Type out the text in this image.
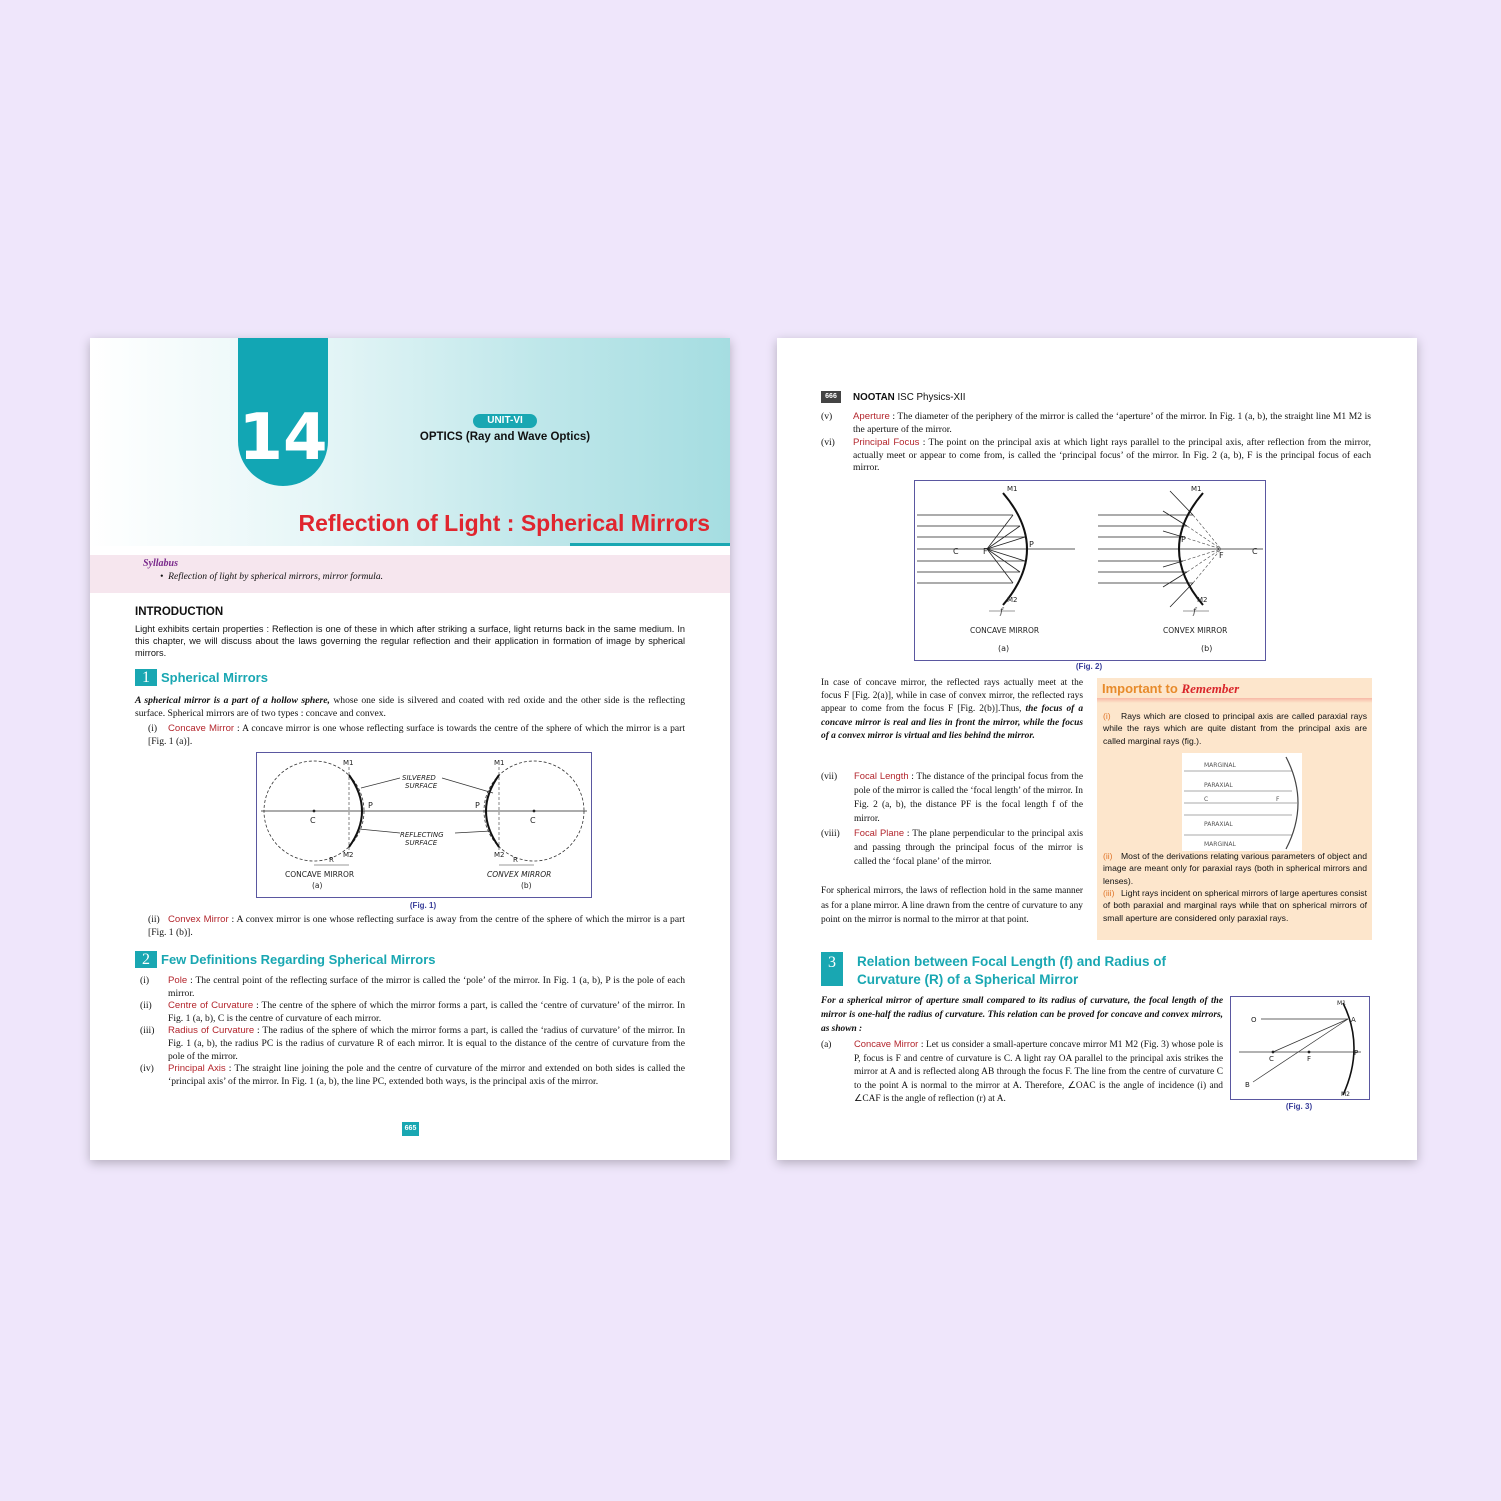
14	UNIT-VI
OPTICS (Ray and Wave Optics)
Reflection of Light : Spherical Mirrors
Syllabus
•  Reflection of light by spherical mirrors, mirror formula.
INTRODUCTION
Light exhibits certain properties : Reflection is one of these in which after striking a surface, light returns back in the same medium. In this chapter, we will discuss about the laws governing the regular reflection and their application in formation of image by spherical mirrors.
1 Spherical Mirrors
A spherical mirror is a part of a hollow sphere, whose one side is silvered and coated with red oxide and the other side is the reflecting surface. Spherical mirrors are of two types : concave and convex.
(i) Concave Mirror : A concave mirror is one whose reflecting surface is towards the centre of the sphere of which the mirror is a part [Fig. 1 (a)].
M1
M2
M1
M2
C	C
P	P
SILVERED
SURFACE
REFLECTING
SURFACE
R	R
CONCAVE MIRROR	CONVEX MIRROR
(a)	(b)
(Fig. 1)
(ii) Convex Mirror : A convex mirror is one whose reflecting surface is away from the centre of the sphere of which the mirror is a part [Fig. 1 (b)].
2 Few Definitions Regarding Spherical Mirrors
(i) Pole : The central point of the reflecting surface of the mirror is called the ‘pole’ of the mirror. In Fig. 1 (a, b), P is the pole of each mirror.
(ii) Centre of Curvature : The centre of the sphere of which the mirror forms a part, is called the ‘centre of curvature’ of the mirror. In Fig. 1 (a, b), C is the centre of curvature of each mirror.
(iii) Radius of Curvature : The radius of the sphere of which the mirror forms a part, is called the ‘radius of curvature’ of the mirror. In Fig. 1 (a, b), the radius PC is the radius of curvature R of each mirror. It is equal to the distance of the centre of curvature from the pole of the mirror.
(iv) Principal Axis : The straight line joining the pole and the centre of curvature of the mirror and extended on both sides is called the ‘principal axis’ of the mirror. In Fig. 1 (a, b), the line PC, extended both ways, is the principal axis of the mirror.
665
666	NOOTAN ISC Physics-XII
(v) Aperture : The diameter of the periphery of the mirror is called the ‘aperture’ of the mirror. In Fig. 1 (a, b), the straight line M1 M2 is the aperture of the mirror.
(vi) Principal Focus : The point on the principal axis at which light rays parallel to the principal axis, after reflection from the mirror, actually meet or appear to come from, is called the ‘principal focus’ of the mirror. In Fig. 2 (a, b), F is the principal focus of each mirror.
M1
M2
C	F
P
M1
M2
P
F	C
f	f
CONCAVE MIRROR	CONVEX MIRROR
(a)	(b)
(Fig. 2)
In case of concave mirror, the reflected rays actually meet at the focus F [Fig. 2(a)], while in case of convex mirror, the reflected rays appear to come from the focus F [Fig. 2(b)].Thus, the focus of a concave mirror is real and lies in front the mirror, while the focus of a convex mirror is virtual and lies behind the mirror.
(vii) Focal Length : The distance of the principal focus from the pole of the mirror is called the ‘focal length’ of the mirror. In Fig. 2 (a, b), the distance PF is the focal length f of the mirror.
(viii) Focal Plane : The plane perpendicular to the principal axis and passing through the principal focus of the mirror is called the ‘focal plane’ of the mirror.
For spherical mirrors, the laws of reflection hold in the same manner as for a plane mirror. A line drawn from the centre of curvature to any point on the mirror is normal to the mirror at that point.
Important to Remember
(i) Rays which are closed to principal axis are called paraxial rays while the rays which are quite distant from the principal axis are called marginal rays (fig.).
MARGINAL
PARAXIAL
C	F
PARAXIAL
MARGINAL
(ii) Most of the derivations relating various parameters of object and image are meant only for paraxial rays (both in spherical mirrors and lenses).
(iii) Light rays incident on spherical mirrors of large apertures consist of both paraxial and marginal rays while that on spherical mirrors of small aperture are considered only paraxial rays.
3	Relation between Focal Length (f) and Radius of
Curvature (R) of a Spherical Mirror
For a spherical mirror of aperture small compared to its radius of curvature, the focal length of the mirror is one-half the radius of curvature. This relation can be proved for concave and convex mirrors, as shown :
(a) Concave Mirror : Let us consider a small-aperture concave mirror M1 M2 (Fig. 3) whose pole is P, focus is F and centre of curvature is C. A light ray OA parallel to the principal axis strikes the mirror at A and is reflected along AB through the focus F. The line from the centre of curvature C to the point A is normal to the mirror at A. Therefore, ∠OAC is the angle of incidence (i) and ∠CAF is the angle of reflection (r) at A.
O	A
B
C	F
P
M1
M2
(Fig. 3)
